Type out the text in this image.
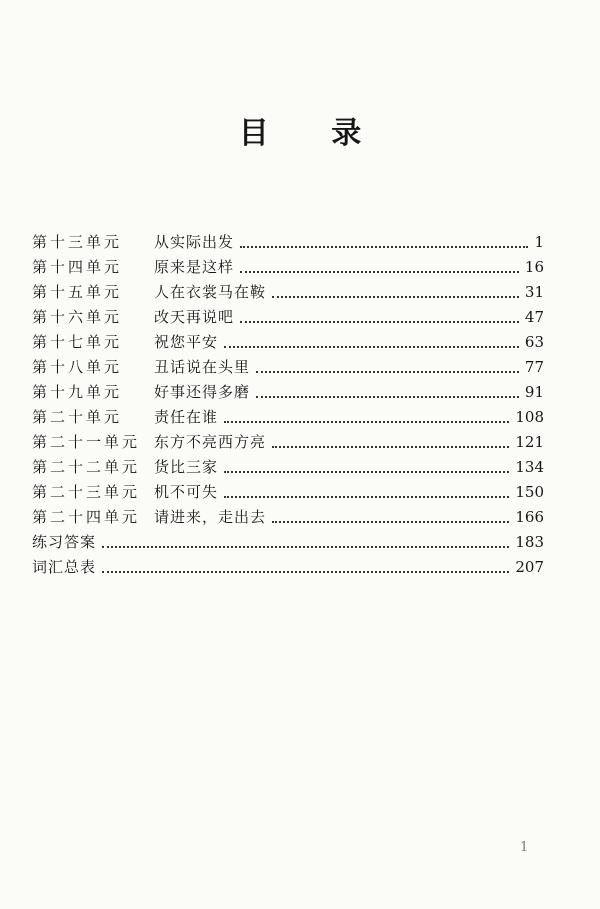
目 录
第十三单元	从实际出发	1
第十四单元	原来是这样	16
第十五单元	人在衣裳马在鞍	31
第十六单元	改天再说吧	47
第十七单元	祝您平安	63
第十八单元	丑话说在头里	77
第十九单元	好事还得多磨	91
第二十单元	责任在谁	108
第二十一单元 东方不亮西方亮	121
第二十二单元 货比三家	134
第二十三单元 机不可失	150
第二十四单元 请进来，走出去	166
练习答案	183
词汇总表	207
1
